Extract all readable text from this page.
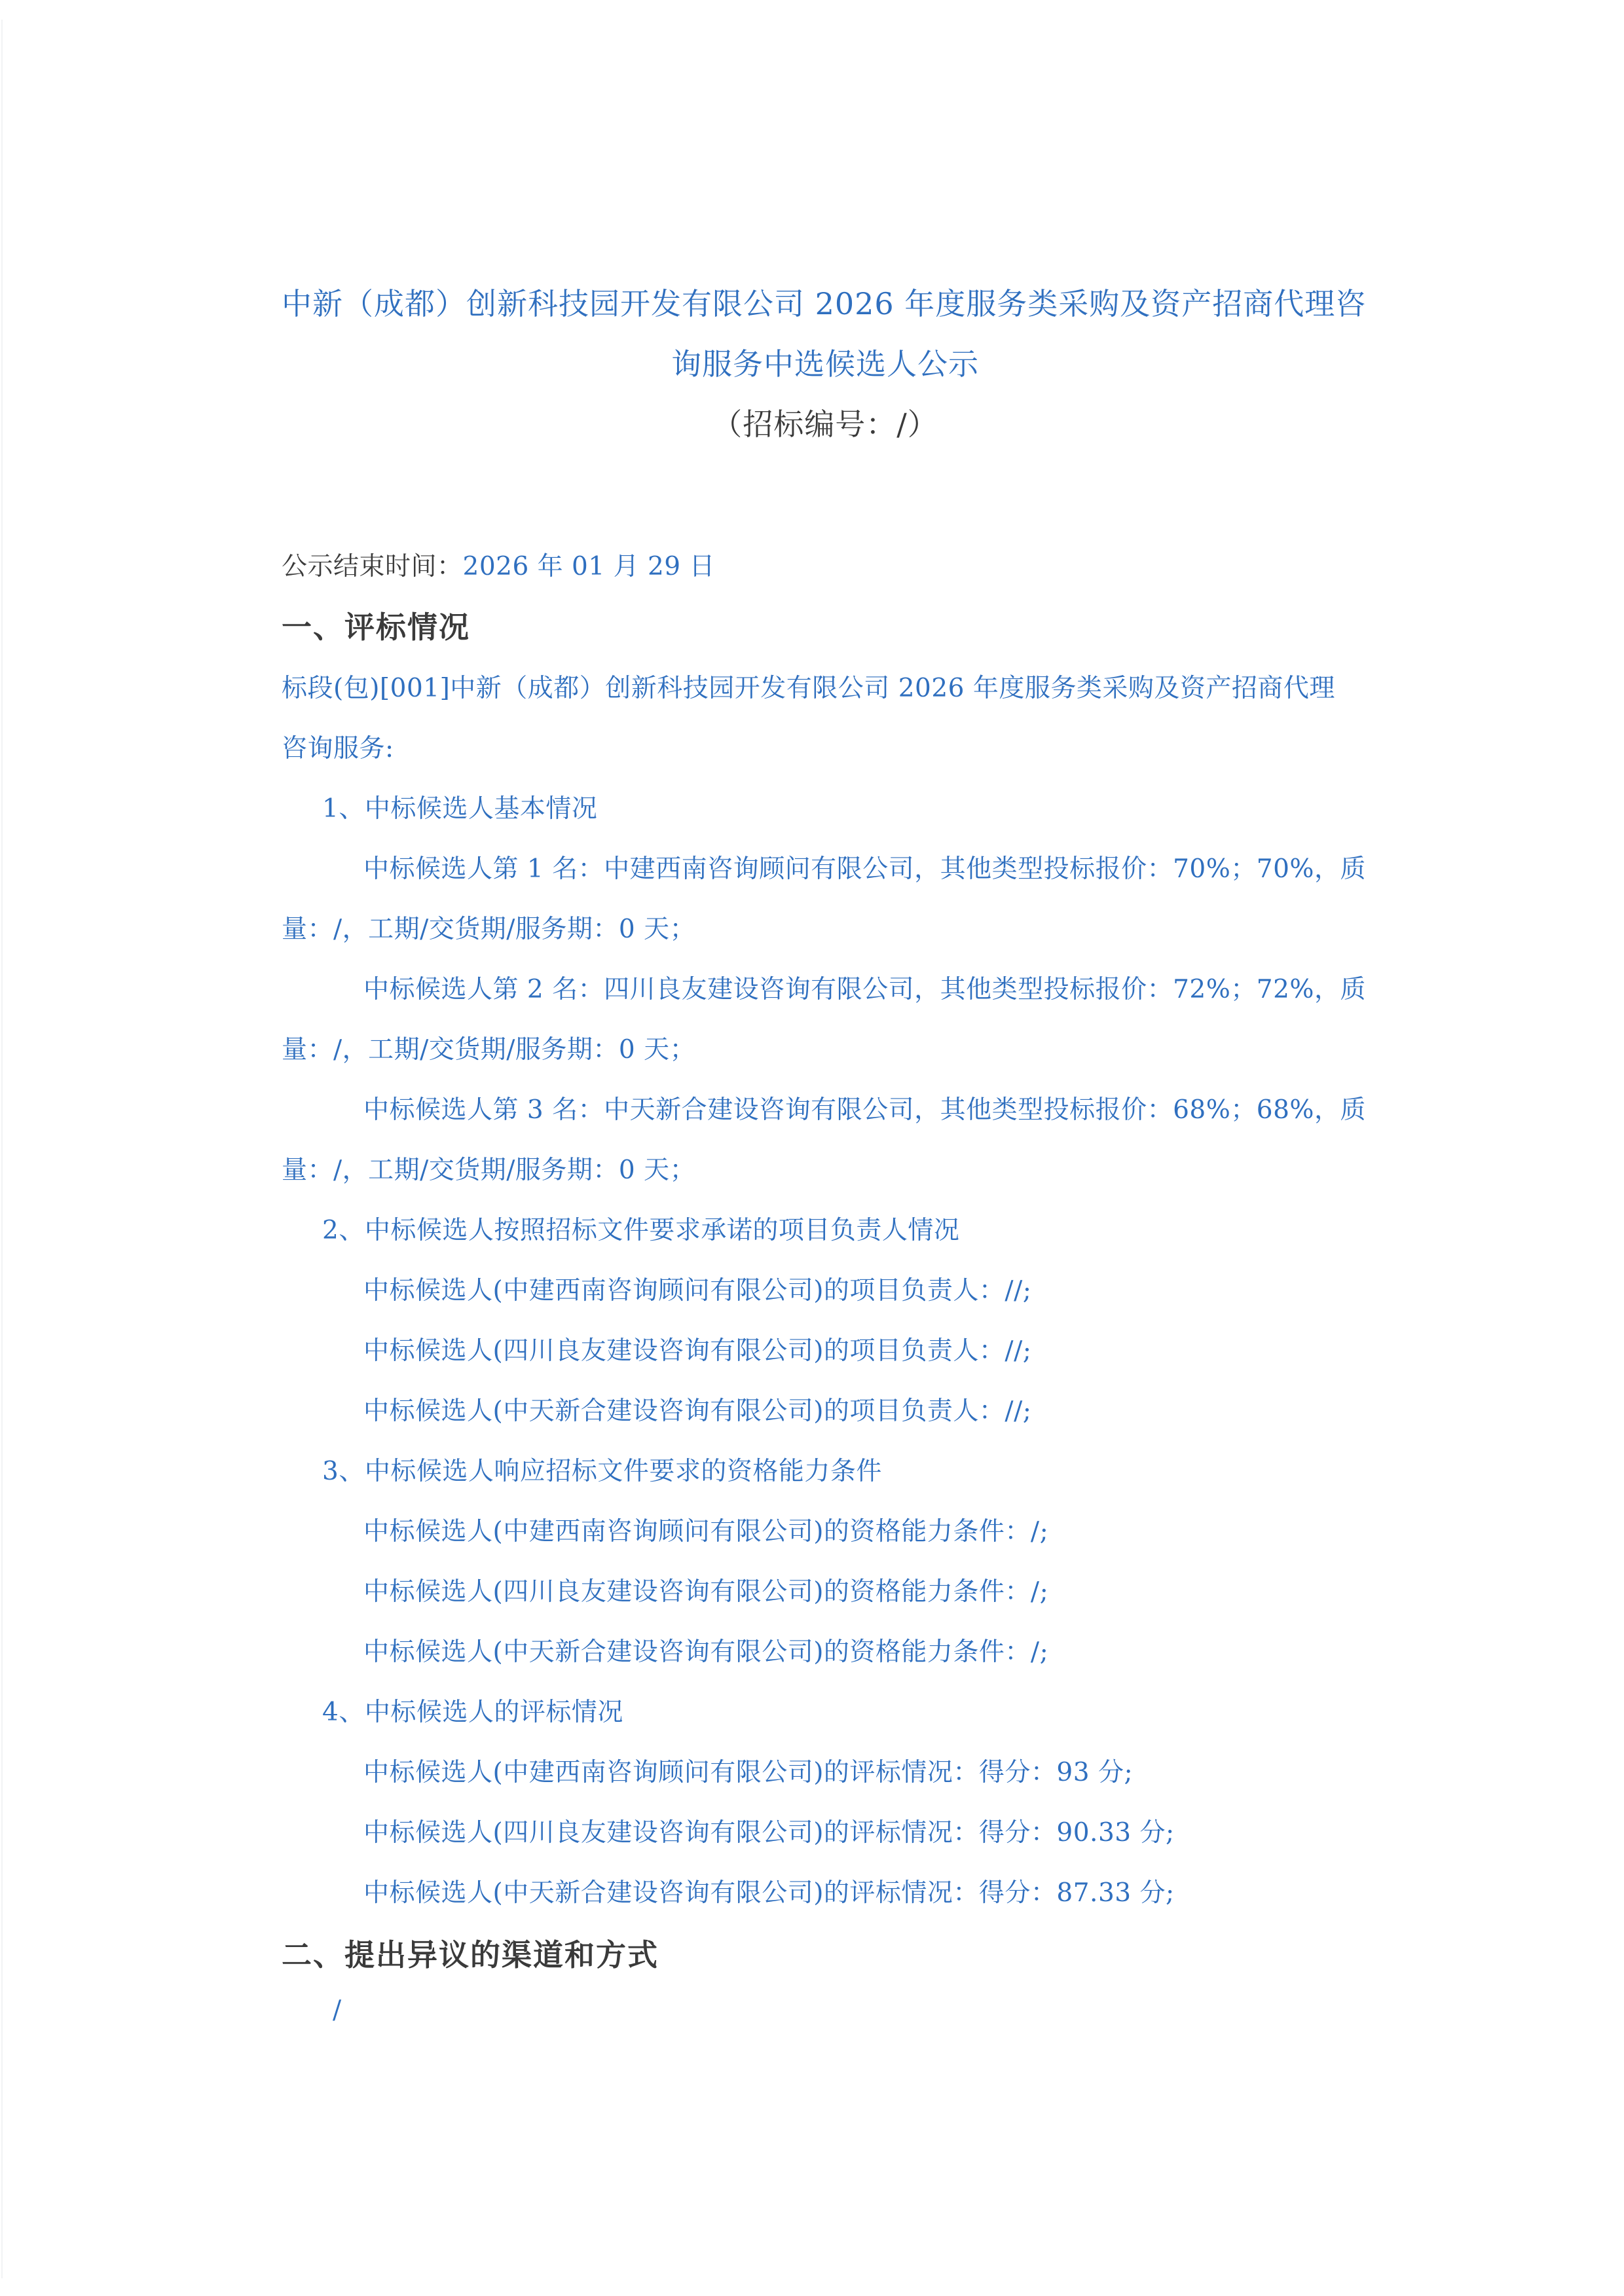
中新（成都）创新科技园开发有限公司 2026 年度服务类采购及资产招商代理咨
询服务中选候选人公示
（招标编号：/）
公示结束时间：2026 年 01 月 29 日
一、评标情况
标段(包)[001]中新（成都）创新科技园开发有限公司 2026 年度服务类采购及资产招商代理
咨询服务:
1、中标候选人基本情况
中标候选人第 1 名：中建西南咨询顾问有限公司，其他类型投标报价：70%；70%，质
量：/，工期/交货期/服务期：0 天；
中标候选人第 2 名：四川良友建设咨询有限公司，其他类型投标报价：72%；72%，质
量：/，工期/交货期/服务期：0 天；
中标候选人第 3 名：中天新合建设咨询有限公司，其他类型投标报价：68%；68%，质
量：/，工期/交货期/服务期：0 天；
2、中标候选人按照招标文件要求承诺的项目负责人情况
中标候选人(中建西南咨询顾问有限公司)的项目负责人：//;
中标候选人(四川良友建设咨询有限公司)的项目负责人：//;
中标候选人(中天新合建设咨询有限公司)的项目负责人：//;
3、中标候选人响应招标文件要求的资格能力条件
中标候选人(中建西南咨询顾问有限公司)的资格能力条件：/;
中标候选人(四川良友建设咨询有限公司)的资格能力条件：/;
中标候选人(中天新合建设咨询有限公司)的资格能力条件：/;
4、中标候选人的评标情况
中标候选人(中建西南咨询顾问有限公司)的评标情况：得分：93 分;
中标候选人(四川良友建设咨询有限公司)的评标情况：得分：90.33 分;
中标候选人(中天新合建设咨询有限公司)的评标情况：得分：87.33 分;
二、提出异议的渠道和方式
/
